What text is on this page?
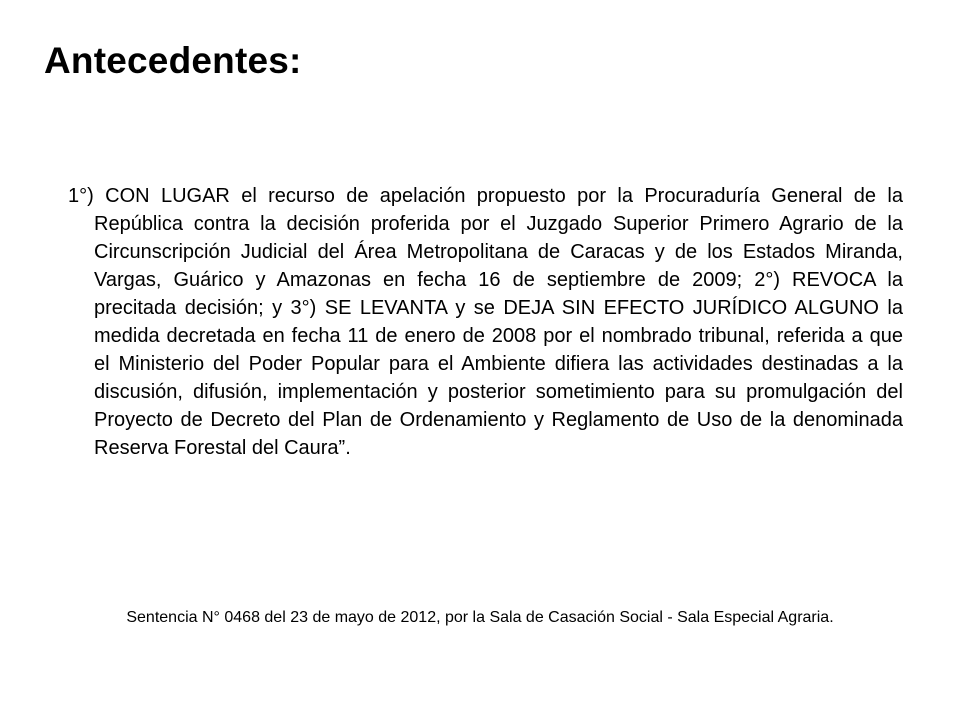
Antecedentes:

1°) CON LUGAR el recurso de apelación propuesto por la Procuraduría General de la República contra la decisión proferida por el Juzgado Superior Primero Agrario de la Circunscripción Judicial del Área Metropolitana de Caracas y de los Estados Miranda, Vargas, Guárico y Amazonas en fecha 16 de septiembre de 2009; 2°) REVOCA la precitada decisión; y 3°) SE LEVANTA y se DEJA SIN EFECTO JURÍDICO ALGUNO la medida decretada en fecha 11 de enero de 2008 por el nombrado tribunal, referida a que el Ministerio del Poder Popular para el Ambiente difiera las actividades destinadas a la discusión, difusión, implementación y posterior sometimiento para su promulgación del Proyecto de Decreto del Plan de Ordenamiento y Reglamento de Uso de la denominada Reserva Forestal del Caura”.

Sentencia N° 0468 del 23 de mayo de 2012, por la Sala de Casación Social - Sala Especial Agraria.
